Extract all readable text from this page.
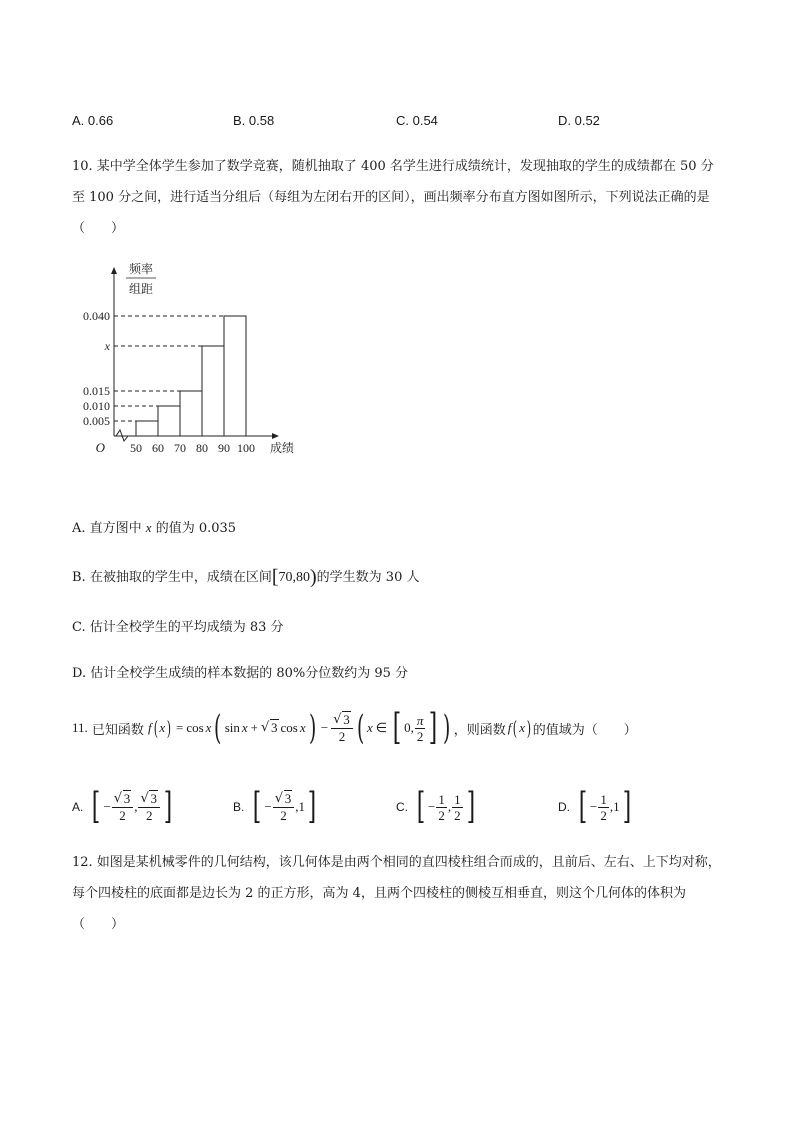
A. 0.66	B. 0.58	C. 0.54	D. 0.52
10. 某中学全体学生参加了数学竞赛，随机抽取了 400 名学生进行成绩统计，发现抽取的学生的成绩都在 50 分至 100 分之间，进行适当分组后（每组为左闭右开的区间），画出频率分布直方图如图所示，下列说法正确的是（　　）
频率
组距
O
0.005
0.010
0.015
x
0.040
50 60 70 80 90 100 成绩
A. 直方图中 x 的值为 0.035
B. 在被抽取的学生中，成绩在区间[70,80)的学生数为 30 人
C. 估计全校学生的平均成绩为 83 分
D. 估计全校学生成绩的样本数据的 80%分位数约为 95 分
11.
已知函数 f ( x ) = cos x ( sin x + √ 3 cos x ) − $\frac{√ 3}{2}$ ( x ∈ [ 0 , $\frac{\pi}{2}$ ] ) ，则函数 f ( x ) 的值域为（　　）
A. [ − $\frac{√ 3}{2}$ , $\frac{√ 3}{2}$ ]	B. [ − $\frac{√ 3}{2}$ , 1 ]	C. [ − $\frac{1}{2}$ , $\frac{1}{2}$ ]	D. [ − $\frac{1}{2}$ , 1 ]
12. 如图是某机械零件的几何结构，该几何体是由两个相同的直四棱柱组合而成的，且前后、左右、上下均对称，每个四棱柱的底面都是边长为 2 的正方形，高为 4，且两个四棱柱的侧棱互相垂直，则这个几何体的体积为（　　）
